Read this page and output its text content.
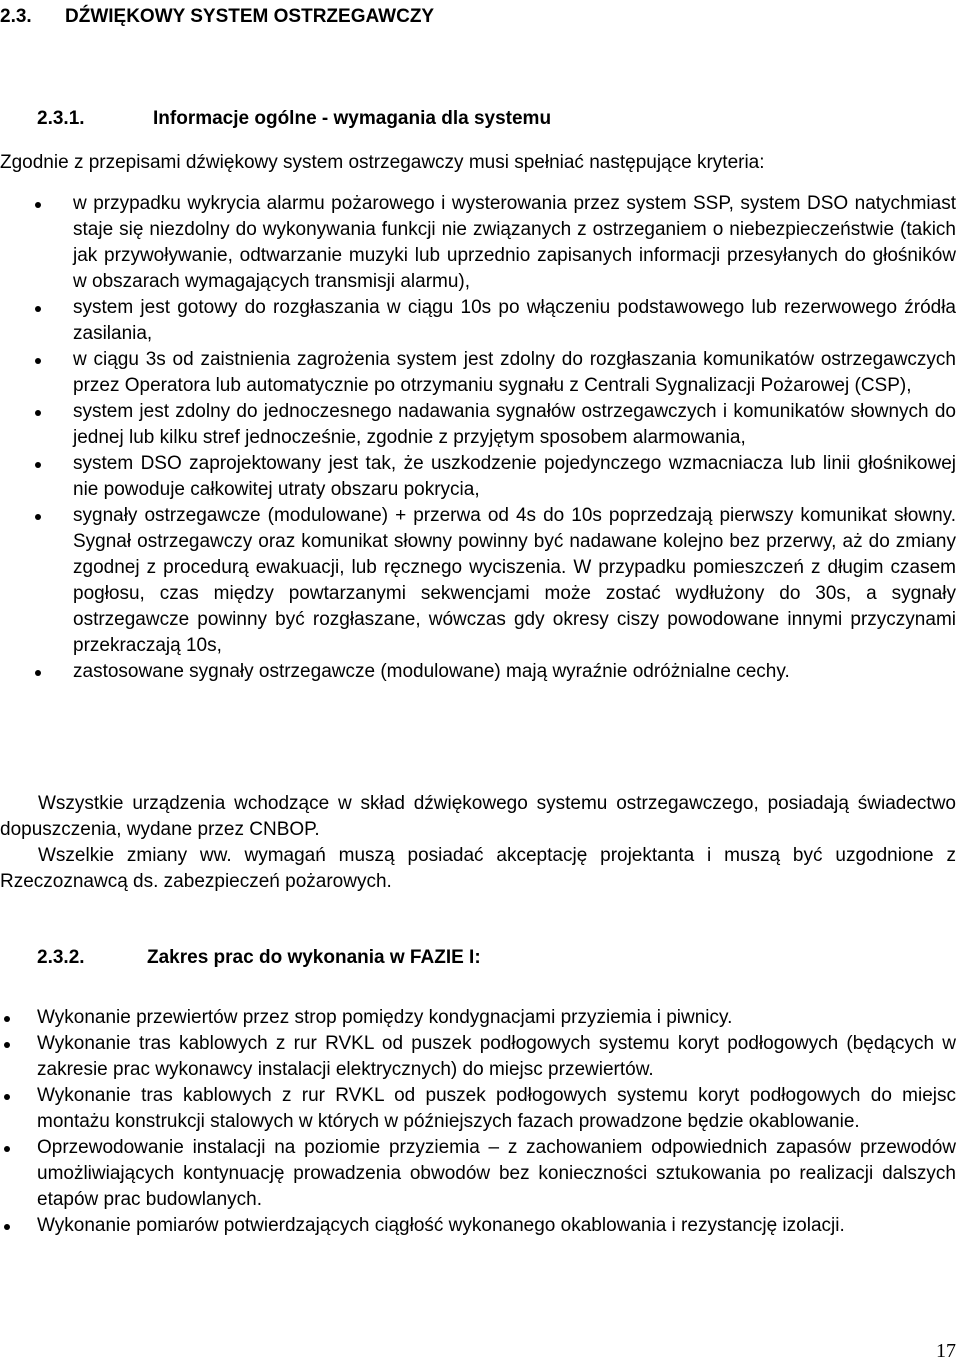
2.3. DŹWIĘKOWY SYSTEM OSTRZEGAWCZY
2.3.1.	Informacje ogólne - wymagania dla systemu

Zgodnie z przepisami dźwiękowy system ostrzegawczy musi spełniać następujące kryteria:

w przypadku wykrycia alarmu pożarowego i wysterowania przez system SSP, system DSO natychmiast staje się niezdolny do wykonywania funkcji nie związanych z ostrzeganiem o niebezpieczeństwie (takich jak przywoływanie, odtwarzanie muzyki lub uprzednio zapisanych informacji przesyłanych do głośników w obszarach wymagających transmisji alarmu),
system jest gotowy do rozgłaszania w ciągu 10s po włączeniu podstawowego lub rezerwowego źródła zasilania,
w ciągu 3s od zaistnienia zagrożenia system jest zdolny do rozgłaszania komunikatów ostrzegawczych przez Operatora lub automatycznie po otrzymaniu sygnału z Centrali Sygnalizacji Pożarowej (CSP),
system jest zdolny do jednoczesnego nadawania sygnałów ostrzegawczych i komunikatów słownych do jednej lub kilku stref jednocześnie, zgodnie z przyjętym sposobem alarmowania,
system DSO zaprojektowany jest tak, że uszkodzenie pojedynczego wzmacniacza lub linii głośnikowej nie powoduje całkowitej utraty obszaru pokrycia,
sygnały ostrzegawcze (modulowane) + przerwa od 4s do 10s poprzedzają pierwszy komunikat słowny. Sygnał ostrzegawczy oraz komunikat słowny powinny być nadawane kolejno bez przerwy, aż do zmiany zgodnej z procedurą ewakuacji, lub ręcznego wyciszenia. W przypadku pomieszczeń z długim czasem pogłosu, czas między powtarzanymi sekwencjami może zostać wydłużony do 30s, a sygnały ostrzegawcze powinny być rozgłaszane, wówczas gdy okresy ciszy powodowane innymi przyczynami przekraczają 10s,
zastosowane sygnały ostrzegawcze (modulowane) mają wyraźnie odróżnialne cechy.

Wszystkie urządzenia wchodzące w skład dźwiękowego systemu ostrzegawczego, posiadają świadectwo dopuszczenia, wydane przez CNBOP.

Wszelkie zmiany ww. wymagań muszą posiadać akceptację projektanta i muszą być uzgodnione z Rzeczoznawcą ds. zabezpieczeń pożarowych.

2.3.2.	Zakres prac do wykonania w FAZIE I:
Wykonanie przewiertów przez strop pomiędzy kondygnacjami przyziemia i piwnicy.
Wykonanie tras kablowych z rur RVKL od puszek podłogowych systemu koryt podłogowych (będących w zakresie prac wykonawcy instalacji elektrycznych) do miejsc przewiertów.
Wykonanie tras kablowych z rur RVKL od puszek podłogowych systemu koryt podłogowych do miejsc montażu konstrukcji stalowych w których w późniejszych fazach prowadzone będzie okablowanie.
Oprzewodowanie instalacji na poziomie przyziemia – z zachowaniem odpowiednich zapasów przewodów umożliwiających kontynuację prowadzenia obwodów bez konieczności sztukowania po realizacji dalszych etapów prac budowlanych.
Wykonanie pomiarów potwierdzających ciągłość wykonanego okablowania i rezystancję izolacji.
17
